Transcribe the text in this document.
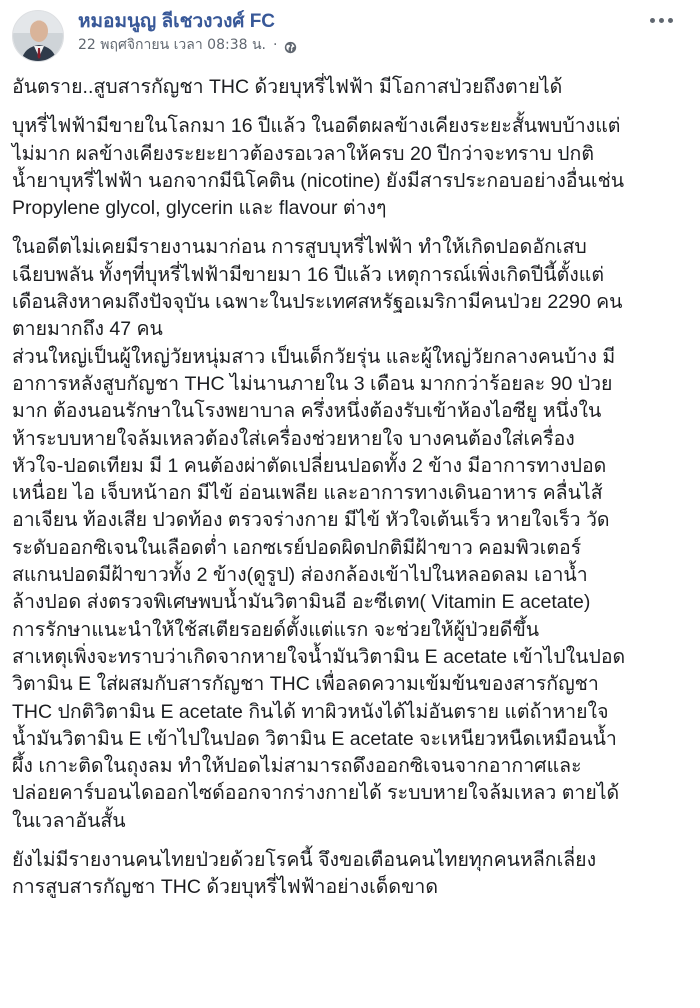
หมอมนูญ ลีเชวงวงศ์ FC
22 พฤศจิกายน เวลา 08:38 น. ·
อันตราย..สูบสารกัญชา THC ด้วยบุหรี่ไฟฟ้า มีโอกาสป่วยถึงตายได้
บุหรี่ไฟฟ้ามีขายในโลกมา 16 ปีแล้ว ในอดีตผลข้างเคียงระยะสั้นพบบ้างแต่
ไม่มาก ผลข้างเคียงระยะยาวต้องรอเวลาให้ครบ 20 ปีกว่าจะทราบ ปกติ
น้ำยาบุหรี่ไฟฟ้า นอกจากมีนิโคติน (nicotine) ยังมีสารประกอบอย่างอื่นเช่น
Propylene glycol, glycerin และ flavour ต่างๆ
ในอดีตไม่เคยมีรายงานมาก่อน การสูบบุหรี่ไฟฟ้า ทำให้เกิดปอดอักเสบ
เฉียบพลัน ทั้งๆที่บุหรี่ไฟฟ้ามีขายมา 16 ปีแล้ว เหตุการณ์เพิ่งเกิดปีนี้ตั้งแต่
เดือนสิงหาคมถึงปัจจุบัน เฉพาะในประเทศสหรัฐอเมริกามีคนป่วย 2290 คน
ตายมากถึง 47 คน
ส่วนใหญ่เป็นผู้ใหญ่วัยหนุ่มสาว เป็นเด็กวัยรุ่น และผู้ใหญ่วัยกลางคนบ้าง มี
อาการหลังสูบกัญชา THC ไม่นานภายใน 3 เดือน มากกว่าร้อยละ 90 ป่วย
มาก ต้องนอนรักษาในโรงพยาบาล ครึ่งหนึ่งต้องรับเข้าห้องไอซียู หนึ่งใน
ห้าระบบหายใจล้มเหลวต้องใส่เครื่องช่วยหายใจ บางคนต้องใส่เครื่อง
หัวใจ-ปอดเทียม มี 1 คนต้องผ่าตัดเปลี่ยนปอดทั้ง 2 ข้าง มีอาการทางปอด
เหนื่อย ไอ เจ็บหน้าอก มีไข้ อ่อนเพลีย และอาการทางเดินอาหาร คลื่นไส้
อาเจียน ท้องเสีย ปวดท้อง ตรวจร่างกาย มีไข้ หัวใจเต้นเร็ว หายใจเร็ว วัด
ระดับออกซิเจนในเลือดต่ำ เอกซเรย์ปอดผิดปกติมีฝ้าขาว คอมพิวเตอร์
สแกนปอดมีฝ้าขาวทั้ง 2 ข้าง(ดูรูป) ส่องกล้องเข้าไปในหลอดลม เอาน้ำ
ล้างปอด ส่งตรวจพิเศษพบน้ำมันวิตามินอี อะซีเตท( Vitamin E acetate)
การรักษาแนะนำให้ใช้สเตียรอยด์ตั้งแต่แรก จะช่วยให้ผู้ป่วยดีขึ้น
สาเหตุเพิ่งจะทราบว่าเกิดจากหายใจน้ำมันวิตามิน E acetate เข้าไปในปอด
วิตามิน E ใส่ผสมกับสารกัญชา THC เพื่อลดความเข้มข้นของสารกัญชา
THC ปกติวิตามิน E acetate กินได้ ทาผิวหนังได้ไม่อันตราย แต่ถ้าหายใจ
น้ำมันวิตามิน E เข้าไปในปอด วิตามิน E acetate จะเหนียวหนืดเหมือนน้ำ
ผึ้ง เกาะติดในถุงลม ทำให้ปอดไม่สามารถดึงออกซิเจนจากอากาศและ
ปล่อยคาร์บอนไดออกไซด์ออกจากร่างกายได้ ระบบหายใจล้มเหลว ตายได้
ในเวลาอันสั้น
ยังไม่มีรายงานคนไทยป่วยด้วยโรคนี้ จึงขอเตือนคนไทยทุกคนหลีกเลี่ยง
การสูบสารกัญชา THC ด้วยบุหรี่ไฟฟ้าอย่างเด็ดขาด
